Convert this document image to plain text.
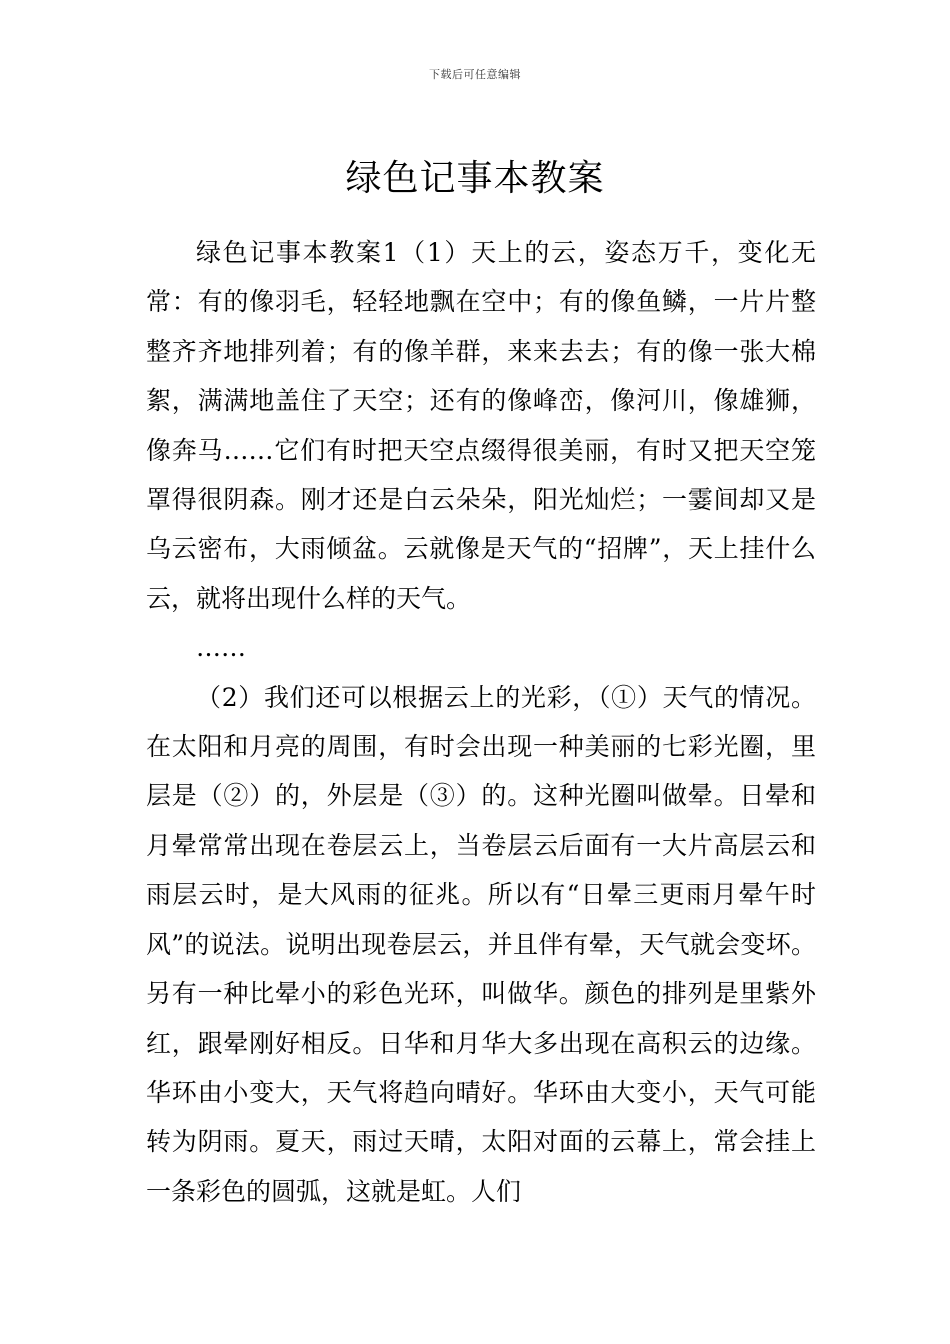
下载后可任意编辑
绿色记事本教案

绿色记事本教案1（1）天上的云，姿态万千，变化无常：有的像羽毛，轻轻地飘在空中；有的像鱼鳞，一片片整整齐齐地排列着；有的像羊群，来来去去；有的像一张大棉絮，满满地盖住了天空；还有的像峰峦，像河川，像雄狮，像奔马……它们有时把天空点缀得很美丽，有时又把天空笼罩得很阴森。刚才还是白云朵朵，阳光灿烂；一霎间却又是乌云密布，大雨倾盆。云就像是天气的“招牌”，天上挂什么云，就将出现什么样的天气。

……

（2）我们还可以根据云上的光彩，（①）天气的情况。在太阳和月亮的周围，有时会出现一种美丽的七彩光圈，里层是（②）的，外层是（③）的。这种光圈叫做晕。日晕和月晕常常出现在卷层云上，当卷层云后面有一大片高层云和雨层云时，是大风雨的征兆。所以有“日晕三更雨月晕午时风”的说法。说明出现卷层云，并且伴有晕，天气就会变坏。另有一种比晕小的彩色光环，叫做华。颜色的排列是里紫外红，跟晕刚好相反。日华和月华大多出现在高积云的边缘。华环由小变大，天气将趋向晴好。华环由大变小，天气可能转为阴雨。夏天，雨过天晴，太阳对面的云幕上，常会挂上一条彩色的圆弧，这就是虹。人们
